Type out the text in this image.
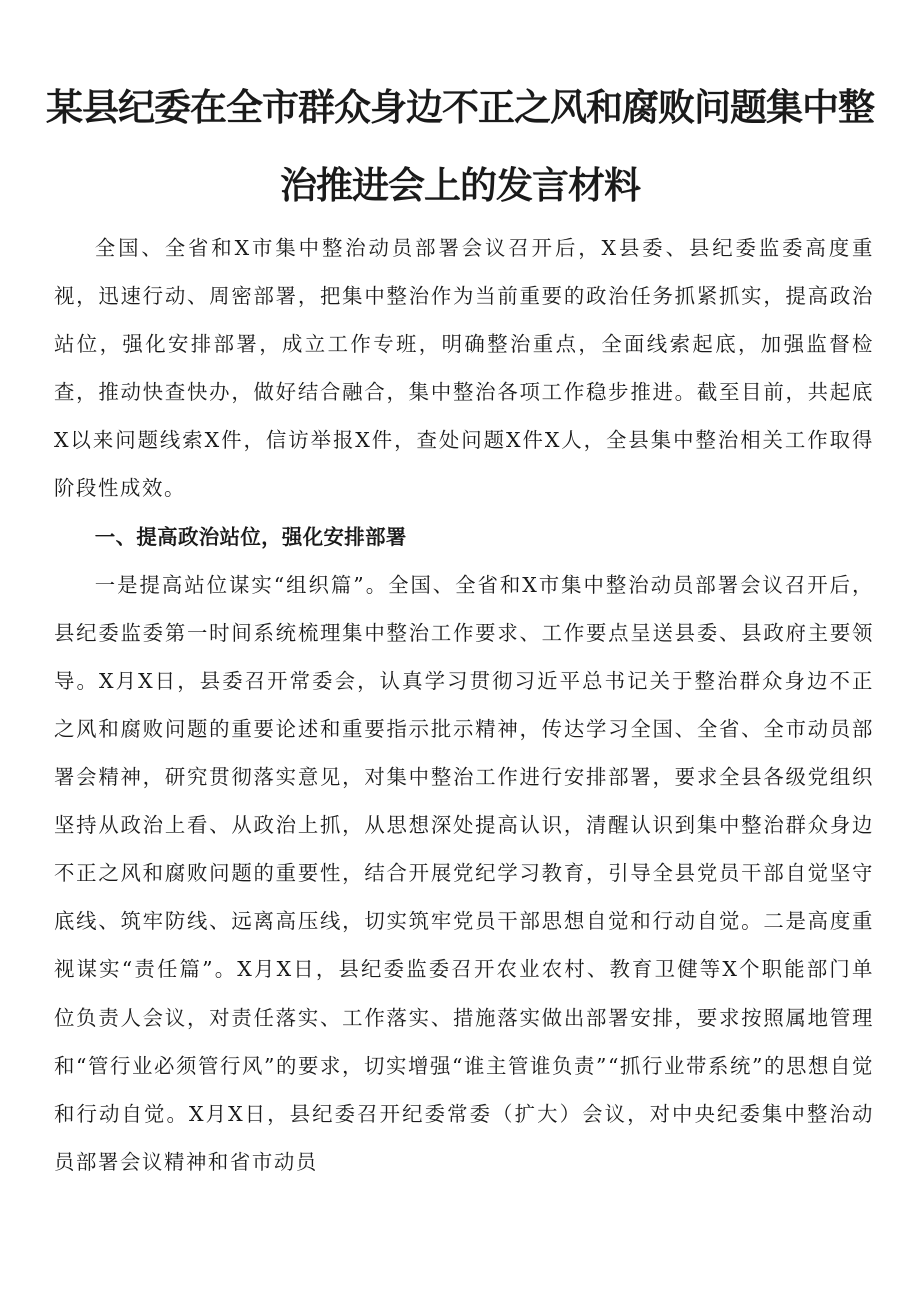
某县纪委在全市群众身边不正之风和腐败问题集中整
治推进会上的发言材料

全国、全省和X市集中整治动员部署会议召开后，X县委、县纪委监委高度重视，迅速行动、周密部署，把集中整治作为当前重要的政治任务抓紧抓实，提高政治站位，强化安排部署，成立工作专班，明确整治重点，全面线索起底，加强监督检查，推动快查快办，做好结合融合，集中整治各项工作稳步推进。截至目前，共起底X以来问题线索X件，信访举报X件，查处问题X件X人，全县集中整治相关工作取得阶段性成效。

一、提高政治站位，强化安排部署

一是提高站位谋实“组织篇”。全国、全省和X市集中整治动员部署会议召开后，县纪委监委第一时间系统梳理集中整治工作要求、工作要点呈送县委、县政府主要领导。X月X日，县委召开常委会，认真学习贯彻习近平总书记关于整治群众身边不正之风和腐败问题的重要论述和重要指示批示精神，传达学习全国、全省、全市动员部署会精神，研究贯彻落实意见，对集中整治工作进行安排部署，要求全县各级党组织坚持从政治上看、从政治上抓，从思想深处提高认识，清醒认识到集中整治群众身边不正之风和腐败问题的重要性，结合开展党纪学习教育，引导全县党员干部自觉坚守底线、筑牢防线、远离高压线，切实筑牢党员干部思想自觉和行动自觉。二是高度重视谋实“责任篇”。X月X日，县纪委监委召开农业农村、教育卫健等X个职能部门单位负责人会议，对责任落实、工作落实、措施落实做出部署安排，要求按照属地管理和“管行业必须管行风”的要求，切实增强“谁主管谁负责”“抓行业带系统”的思想自觉和行动自觉。X月X日，县纪委召开纪委常委（扩大）会议，对中央纪委集中整治动员部署会议精神和省市动员
